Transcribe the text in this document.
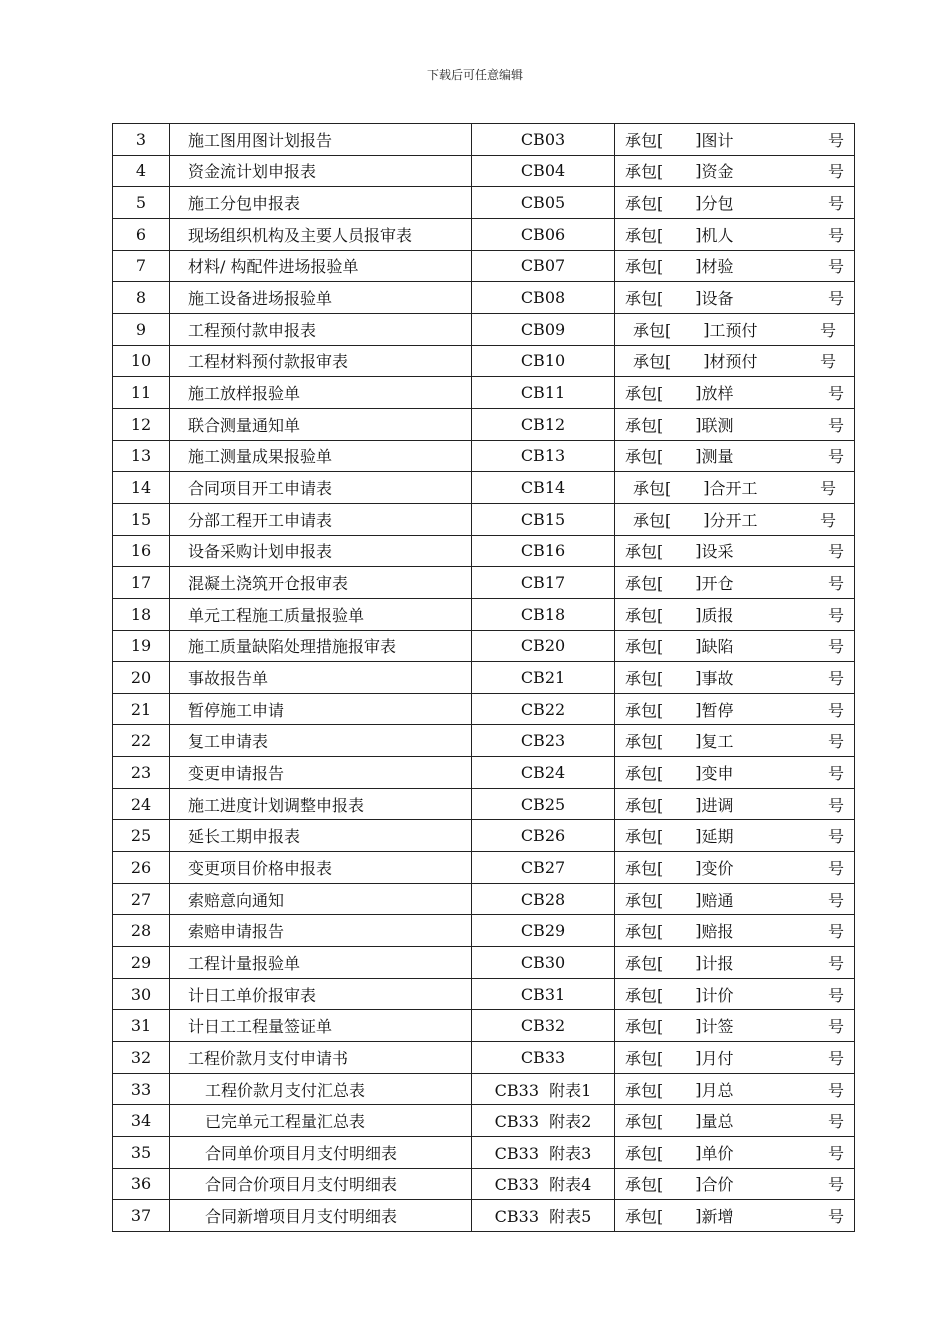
下载后可任意编辑
3	施工图用图计划报告	CB03	承包[ ] 图计 号

4	资金流计划申报表	CB04	承包[ ] 资金 号

5	施工分包申报表	CB05	承包[ ] 分包 号

6	现场组织机构及主要人员报审表	CB06	承包[ ] 机人 号

7	材料/ 构配件进场报验单	CB07	承包[ ] 材验 号

8	施工设备进场报验单	CB08	承包[ ] 设备 号

9	工程预付款申报表	CB09	承包[ ] 工预付 号

10	工程材料预付款报审表	CB10	承包[ ] 材预付 号

11	施工放样报验单	CB11	承包[ ] 放样 号

12	联合测量通知单	CB12	承包[ ] 联测 号

13	施工测量成果报验单	CB13	承包[ ] 测量 号

14	合同项目开工申请表	CB14	承包[ ] 合开工 号

15	分部工程开工申请表	CB15	承包[ ] 分开工 号

16	设备采购计划申报表	CB16	承包[ ] 设采 号

17	混凝土浇筑开仓报审表	CB17	承包[ ] 开仓 号

18	单元工程施工质量报验单	CB18	承包[ ] 质报 号

19	施工质量缺陷处理措施报审表	CB20	承包[ ] 缺陷 号

20	事故报告单	CB21	承包[ ] 事故 号

21	暂停施工申请	CB22	承包[ ] 暂停 号

22	复工申请表	CB23	承包[ ] 复工 号

23	变更申请报告	CB24	承包[ ] 变申 号

24	施工进度计划调整申报表	CB25	承包[ ] 进调 号

25	延长工期申报表	CB26	承包[ ] 延期 号

26	变更项目价格申报表	CB27	承包[ ] 变价 号

27	索赔意向通知	CB28	承包[ ] 赔通 号

28	索赔申请报告	CB29	承包[ ] 赔报 号

29	工程计量报验单	CB30	承包[ ] 计报 号

30	计日工单价报审表	CB31	承包[ ] 计价 号

31	计日工工程量签证单	CB32	承包[ ] 计签 号

32	工程价款月支付申请书	CB33	承包[ ] 月付 号

33	工程价款月支付汇总表	CB33  附表1	承包[ ] 月总 号

34	已完单元工程量汇总表	CB33  附表2	承包[ ] 量总 号

35	合同单价项目月支付明细表	CB33  附表3	承包[ ] 单价 号

36	合同合价项目月支付明细表	CB33  附表4	承包[ ] 合价 号

37	合同新增项目月支付明细表	CB33  附表5	承包[ ] 新增 号
